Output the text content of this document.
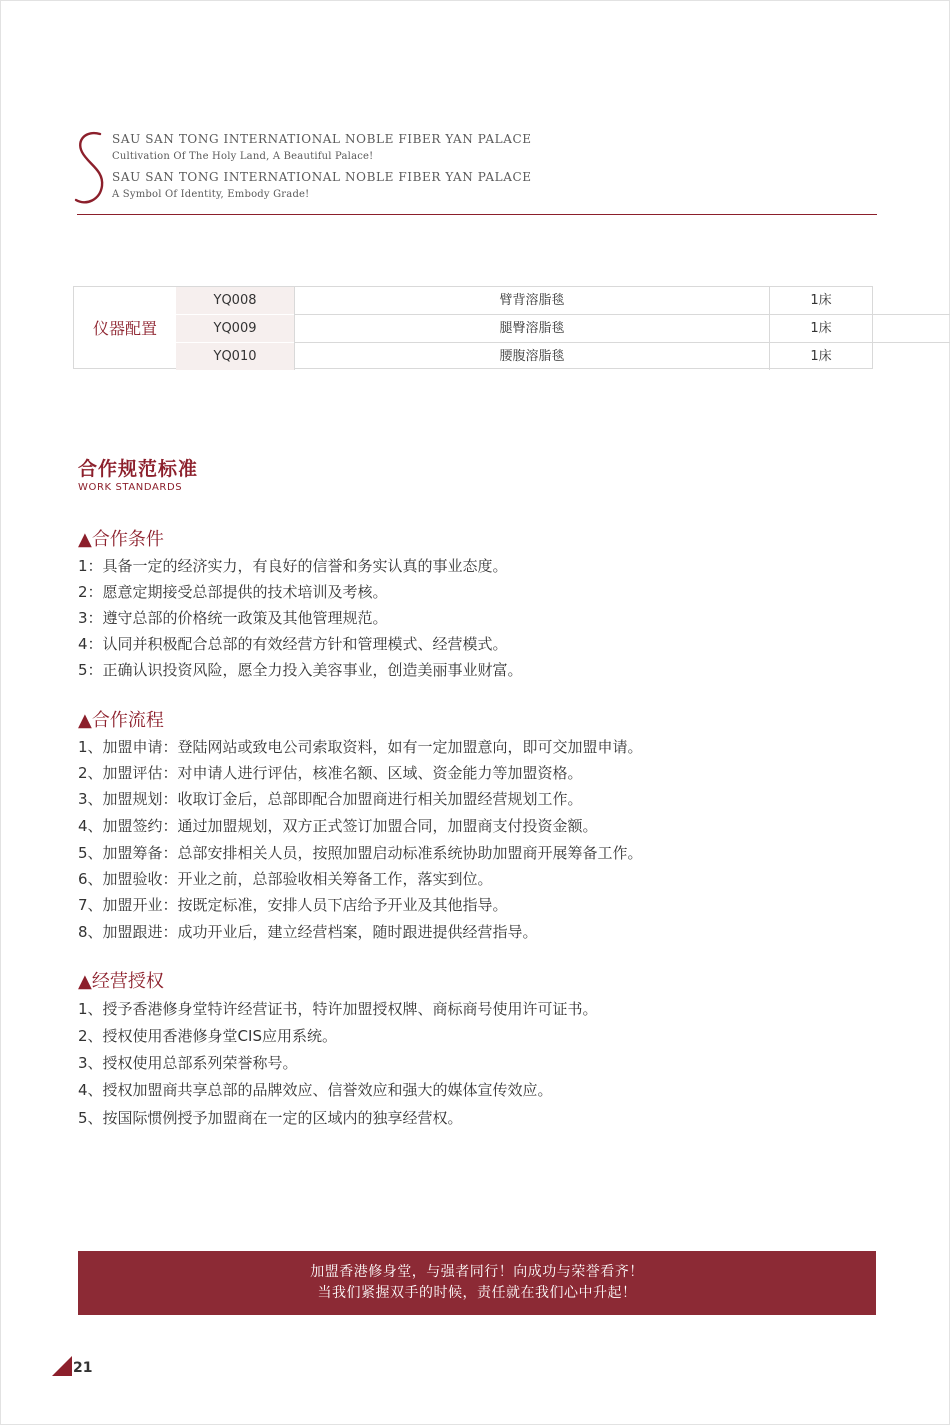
SAU SAN TONG INTERNATIONAL NOBLE FIBER YAN PALACE
Cultivation Of The Holy Land, A Beautiful Palace!
SAU SAN TONG INTERNATIONAL NOBLE FIBER YAN PALACE
A Symbol Of Identity, Embody Grade!
仪器配置
YQ008	臂背溶脂毯	1床
YQ009	腿臀溶脂毯	1床
YQ010	腰腹溶脂毯	1床
合作规范标准
WORK STANDARDS
▲合作条件
1：具备一定的经济实力，有良好的信誉和务实认真的事业态度。
2：愿意定期接受总部提供的技术培训及考核。
3：遵守总部的价格统一政策及其他管理规范。
4：认同并积极配合总部的有效经营方针和管理模式、经营模式。
5：正确认识投资风险，愿全力投入美容事业，创造美丽事业财富。
▲合作流程
1、加盟申请：登陆网站或致电公司索取资料，如有一定加盟意向，即可交加盟申请。
2、加盟评估：对申请人进行评估，核准名额、区域、资金能力等加盟资格。
3、加盟规划：收取订金后，总部即配合加盟商进行相关加盟经营规划工作。
4、加盟签约：通过加盟规划，双方正式签订加盟合同，加盟商支付投资金额。
5、加盟筹备：总部安排相关人员，按照加盟启动标准系统协助加盟商开展筹备工作。
6、加盟验收：开业之前，总部验收相关筹备工作，落实到位。
7、加盟开业：按既定标准，安排人员下店给予开业及其他指导。
8、加盟跟进：成功开业后，建立经营档案，随时跟进提供经营指导。
▲经营授权
1、授予香港修身堂特许经营证书，特许加盟授权牌、商标商号使用许可证书。
2、授权使用香港修身堂CIS应用系统。
3、授权使用总部系列荣誉称号。
4、授权加盟商共享总部的品牌效应、信誉效应和强大的媒体宣传效应。
5、按国际惯例授予加盟商在一定的区域内的独享经营权。
加盟香港修身堂，与强者同行！向成功与荣誉看齐！
当我们紧握双手的时候，责任就在我们心中升起！
21
